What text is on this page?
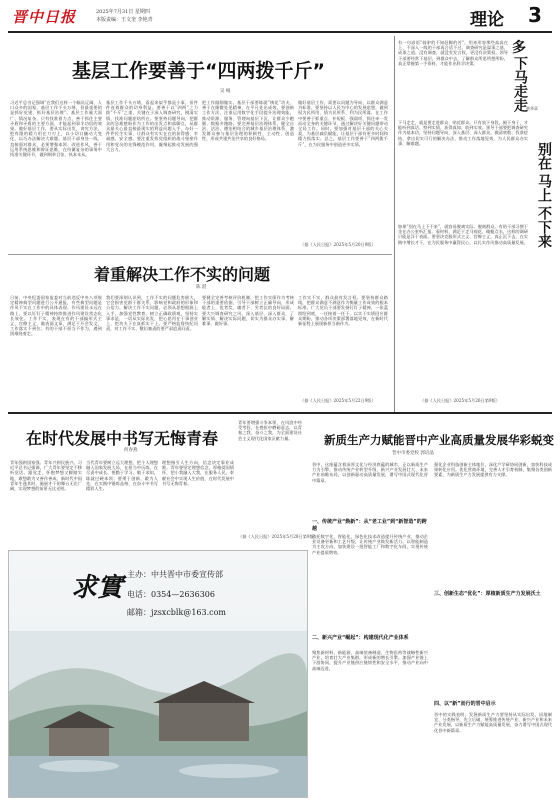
晋中日报	2025年7月31日 星期四
本版责编：王文奎 李艳青	理论 3
基层工作要善于“四两拨千斤”
吴 岷
习近平总书记强调“在我们这样一个幅员辽阔、人口众多的国家，基层工作千头万绪，但最重要的是抓好党建、抓好基层治理”。基层工作量大面广、情况复杂，只有找准着力点，善于抓住主要矛盾和矛盾的主要方面，才能起到事半功倍的效果。做好基层工作，要从实际出发，讲究方法，把有限的精力用在刀刃上，以小切口撬动大变化，以巧办法解决大难题。基层干部身处一线，直接面对群众，必须增强本领、改进作风，善于运用系统思维和辩证思维，在纷繁复杂的事务中找准关键环节，做到纲举目张、执本末从。
基层工作千头万绪，看起来似乎都是小事，但件件连着群众的切身利益。要善于以“四两”之力拨“千斤”之重，关键在于深入调查研究，摸清实情，找准问题症结所在。要坚持问题导向，把群众的急难愁盼作为工作的出发点和落脚点，从群众最关心最直接最现实的利益问题入手，办好一件件民生实事，让群众有实实在在的获得感、幸福感、安全感。要注重发挥党组织的战斗堡垒作用和党员的先锋模范作用，凝聚起推动发展的强大合力。
把工作做细做实。基层干部要练就“绣花”功夫，善于在细微处见精神，在平凡处出成效。要创新工作方法，注重运用数字化手段提升治理效能，推动资源、服务、管理向基层下沉，让群众少跑腿、数据多跑路。要完善基层治理体系，健全自治、法治、德治相结合的城乡基层治理体系，激发群众参与基层治理的积极性、主动性、创造性，形成共建共治共享的良好格局。
做好基层工作，需要以问题为导向，以群众满意为标准。要坚持以人民为中心的发展思想，做到权为民所用、情为民所系、利为民所谋。在工作中要善于抓重点、补短板、强弱项，抓住牵一发而动全身的关键环节，通过解决好关键问题带动全局工作。同时，要加强对基层干部的关心关爱，为基层减负赋能，让基层干部有更多时间和精力抓落实。总之，基层工作要善于“四两拨千斤”，在为民服务中创造更多实绩。
（据《人民日报》2025年5月20日9版）
着重解决工作不实的问题
陈 湛
日前，中央纪委国家监委对当前违反中央八项规定精神典型问题进行公开通报，有些典型问题是作风不实在工作中的具体表现。作风建设永远在路上，要以钉钉子精神持续推进作风建设常态化长效化。工作不实，表现在有的干部搞形式主义、官僚主义，做表面文章，满足于开会发文，工作落实不到位；有的干部不担当不作为，遇到困难绕着走。
我们要深刻认识到，工作不实的问题危害极大，它会损害党群干群关系，影响党和政府的形象和公信力。解决工作不实问题，必须从思想根源上入手，加强党性教育，树立正确政绩观，坚持实事求是，一切从实际出发，把心思用在干事创业上，把功夫下在真抓实干上。要严格监督执纪问责，对工作不实、敷衍塞责的要严肃追责问责。
要健全完善考核评价机制，把工作实绩作为考核干部的重要依据，引导干部树立正确导向，形成能者上、优者奖、庸者下、劣者汰的良好局面。要大兴调查研究之风，深入基层、深入群众，了解实情、解决实际问题，切实为群众办实事、解难事、做好事。
工作实不实，群众最有发言权。要坚持群众路线，把群众满意不满意作为衡量工作成效的根本标准。广大党员干部要发扬钉钉子精神，一张蓝图绘到底，一任接着一任干，以实干实绩回应群众期盼，推动各项决策部署落地见效，在新时代新征程上展现新担当新作为。
（据《人民日报》2025年5月22日9版）
有一句谚语“骑驴的不知赶脚的苦”，用来形容那些高高在上、不深入一线的干部再合适不过。调查研究是谋事之基、成事之道。没有调查，就没有发言权，更没有决策权。领导干部要经常下基层，到群众中去，了解群众所思所想所盼，真正掌握第一手资料，才能作出科学决策。
多
下马走走
别在
马上
不下来
黄华章
下马走走，就是要走进群众、贴近群众。只有放下身段，俯下身子，才能听到真话、察到实情、获得真知、收到实效。领导干部要把调查研究作为基本功，坚持问题导向，深入基层、深入群众，摸清底数、找准症结，拿出切实可行的解决办法，推动工作落地见效，为人民群众办实事、解难题。
如果“别在马上下不来”，就容易脱离实际、脱离群众。有的干部习惯于坐在办公室听汇报、看材料，满足于走马观花、蜻蜓点水，这样的调研只能是浮于表面。要坚决克服形式主义、官僚主义，真正沉下去，在实践中增长才干，在为民服务中赢得民心，以扎实作风推动高质量发展。
（据《人民日报》2025年5月26日第9版）
在时代发展中书写无悔青春
何春燕
青年强则国家强。青年兴则民族兴。习近平总书记强调，广大青年要坚定不移听党话、跟党走，怀抱梦想又脚踏实地，敢想敢为又善作善成。新时代中国青年生逢其时，施展才干的舞台无比广阔，实现梦想的前景无比光明。
当代青年要树立远大理想，把个人理想融入国家发展大局，在担当中历练，在尽责中成长。要勤于学习、敏于求知，练就过硬本领；要勇于创新、敢为人先，在实践中锤炼品格，在奋斗中书写精彩人生。
理想指引人生方向，信念决定事业成败。青年要坚定理想信念，厚植爱国情怀，把小我融入大我，在服务人民、奉献社会中实现人生价值，在时代发展中书写无悔青春。
青年要增强斗争本领，在风浪中经受考验，在挫折中磨砺意志，以青春之我、奋斗之我，为全面建设社会主义现代化国家贡献力量。
（据《人民日报》2025年5月28日第9版）
求實 主办：中共晋中市委宣传部
电话：0354—2636306
邮箱：jzsxcblk@163.com
新质生产力赋能晋中产业高质量发展华彩蜕变
晋中市委党校 郭培晶
晋中，这座蕴含着深厚文化与经济底蕴的城市，正以新质生产力为引擎，推动传统产业转型升级、新兴产业发展壮大、未来产业前瞻布局，以创新驱动高质量发展，谱写中国式现代化晋中篇章。
一、传统产业“焕新”：从“老工业”到“新智造”的跨越
依托数字化、智能化、绿色化技术改造提升传统产业，推动企业设备更新和工艺升级，让传统产业焕发新活力。以智能制造为主攻方向，加快建设一批智能工厂和数字化车间，实现传统产业提质增效。
二、新兴产业“崛起”：构建现代化产业体系
聚焦新材料、新能源、高端装备制造、生物医药等战略性新兴产业，培育壮大产业集群，形成新的增长引擎。加强产业链上下游协同，提升产业链供应链韧性和安全水平，推动产业向中高端迈进。
强化企业科技创新主体地位，深化产学研协同创新，加快科技成果转化应用。优化营商环境，完善人才引育机制，集聚各类创新要素，为新质生产力发展提供有力支撑。
三、创新生态“优化”：厚植新质生产力发展沃土
四、以“新”而行的晋中启示
晋中的实践表明，发展新质生产力要坚持从实际出发，因地制宜、分类指导，先立后破，统筹推进传统产业、新兴产业和未来产业发展，以新质生产力赋能高质量发展，奋力谱写中国式现代化晋中新篇章。
